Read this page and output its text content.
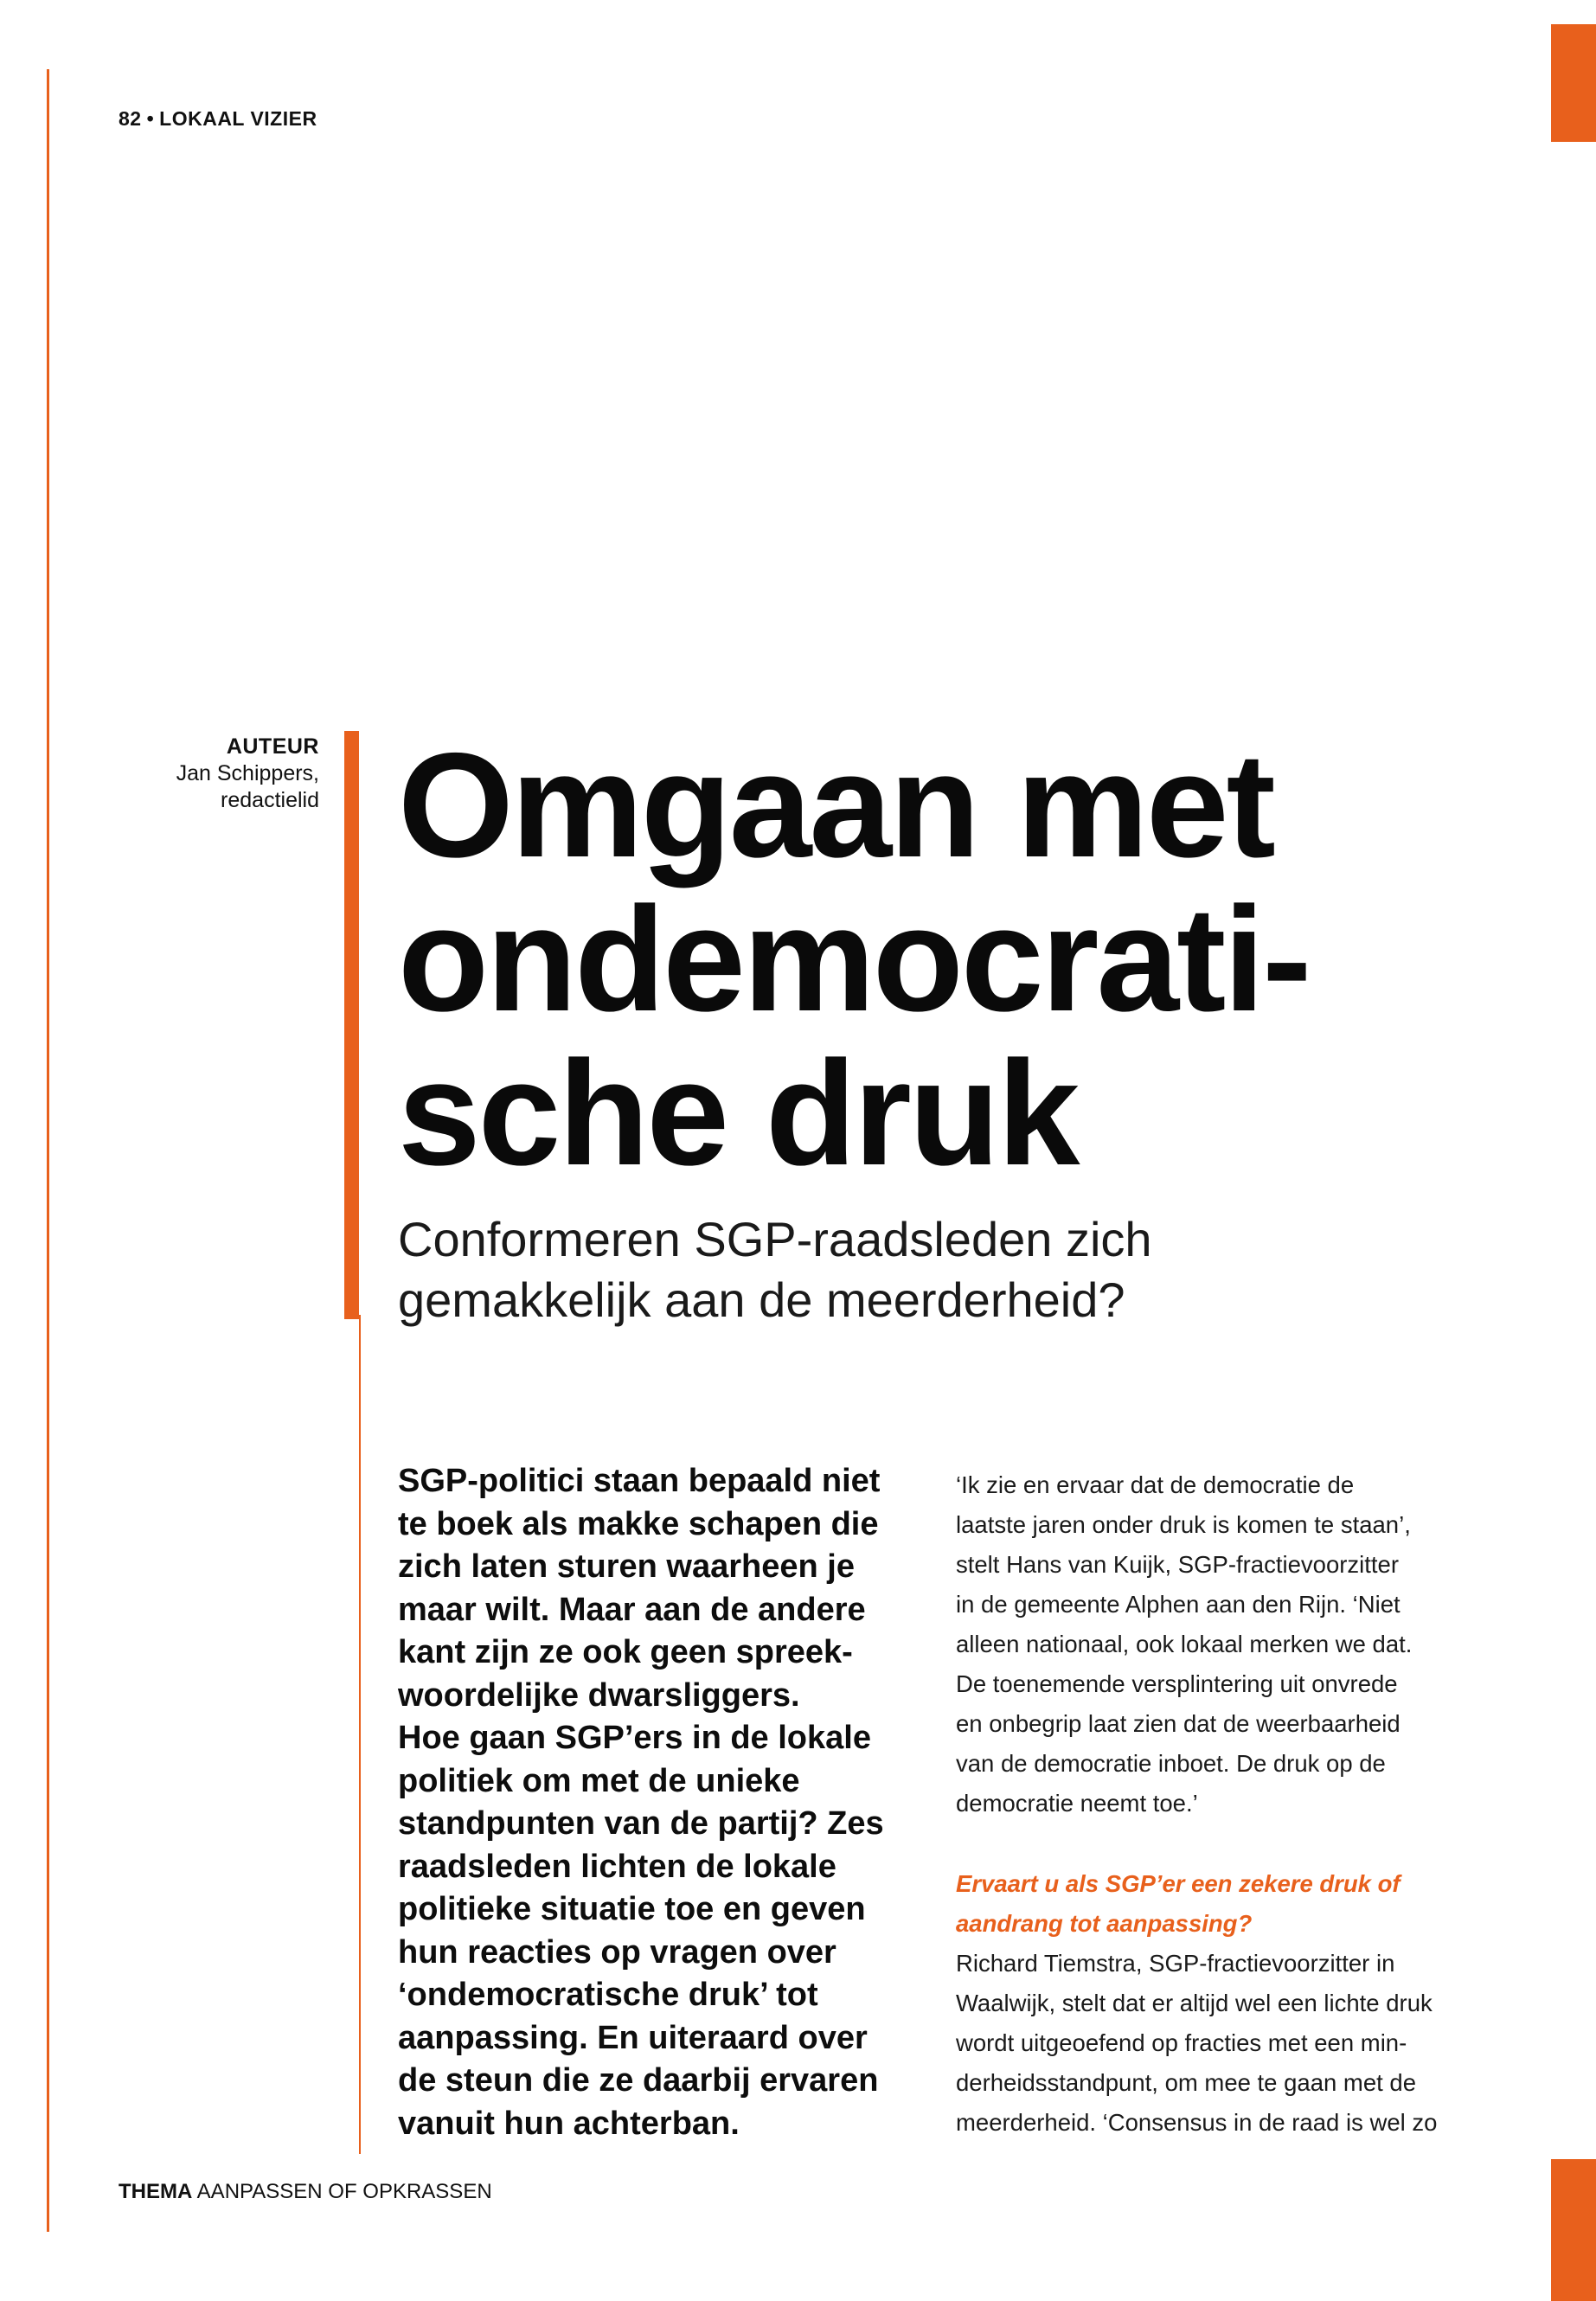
82 • LOKAAL VIZIER
AUTEUR
Jan Schippers,
redactielid Omgaan met
ondemocrati-
sche druk
Conformeren SGP-raadsleden zich
gemakkelijk aan de meerderheid?

SGP-politici staan bepaald niet
te boek als makke schapen die
zich laten sturen waarheen je
maar wilt. Maar aan de andere
kant zijn ze ook geen spreek-
woordelijke dwarsliggers.
Hoe gaan SGP’ers in de lokale
politiek om met de unieke
standpunten van de partij? Zes
raadsleden lichten de lokale
politieke situatie toe en geven
hun reacties op vragen over
‘ondemocratische druk’ tot
aanpassing. En uiteraard over
de steun die ze daarbij ervaren
vanuit hun achterban.

‘Ik zie en ervaar dat de democratie de
laatste jaren onder druk is komen te staan’,
stelt Hans van Kuijk, SGP-fractievoorzitter
in de gemeente Alphen aan den Rijn. ‘Niet
alleen nationaal, ook lokaal merken we dat.
De toenemende versplintering uit onvrede
en onbegrip laat zien dat de weerbaarheid
van de democratie inboet. De druk op de
democratie neemt toe.’
Ervaart u als SGP’er een zekere druk of
aandrang tot aanpassing?
Richard Tiemstra, SGP-fractievoorzitter in
Waalwijk, stelt dat er altijd wel een lichte druk
wordt uitgeoefend op fracties met een min-
derheidsstandpunt, om mee te gaan met de
meerderheid. ‘Consensus in de raad is wel zo
THEMA AANPASSEN OF OPKRASSEN
